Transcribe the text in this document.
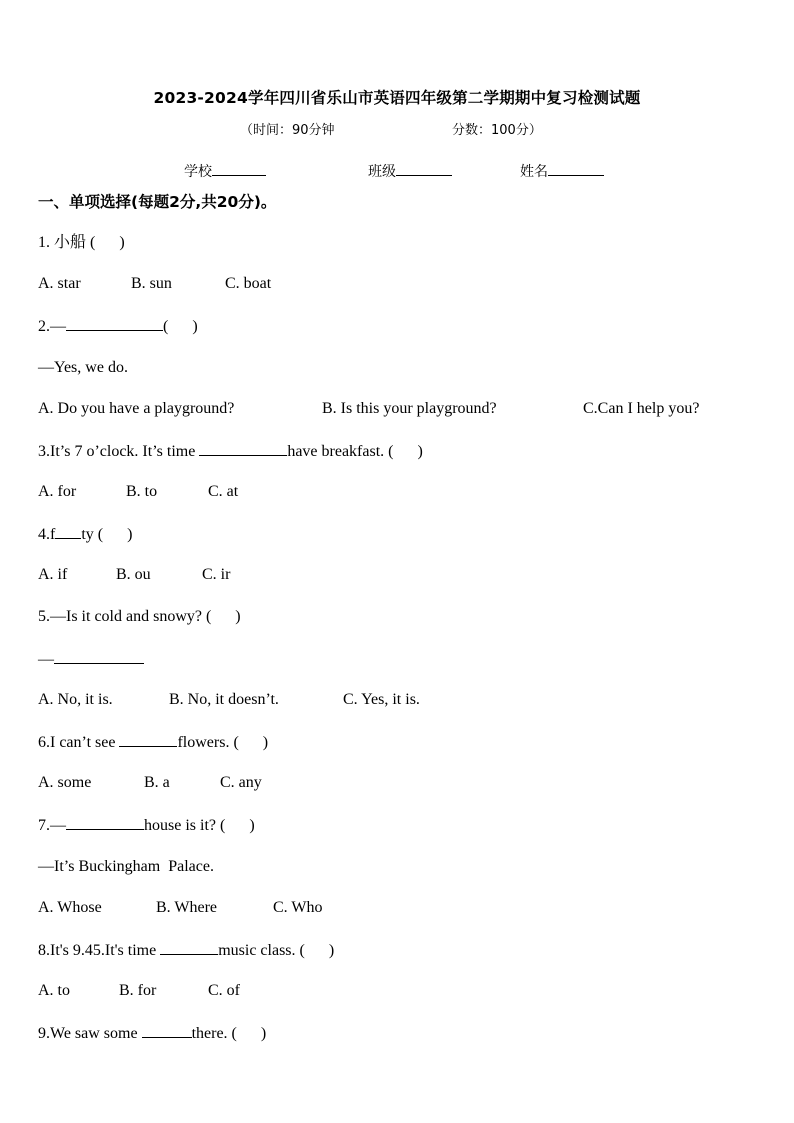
2023-2024学年四川省乐山市英语四年级第二学期期中复习检测试题
（时间：90分钟	分数：100分）
学校	班级	姓名
一、单项选择(每题2分,共20分)。
1. 小船 (      )
A. star	B. sun	C. boat
2.—	(      )
—Yes, we do.
A. Do you have a playground?	B. Is this your playground?	C.Can I help you?
3.It’s 7 o’clock. It’s time	have breakfast. (      )
A. for	B. to	C. at
4.f ty (      )
A. if	B. ou	C. ir
5.—Is it cold and snowy? (      )
—
A. No, it is.	B. No, it doesn’t.	C. Yes, it is.
6.I can’t see	flowers. (      )
A. some	B. a	C. any
7.—	house is it? (      )
—It’s Buckingham  Palace.
A. Whose	B. Where	C. Who
8.It's 9.45.It's time	music class. (      )
A. to	B. for	C. of
9.We saw some	there. (      )
